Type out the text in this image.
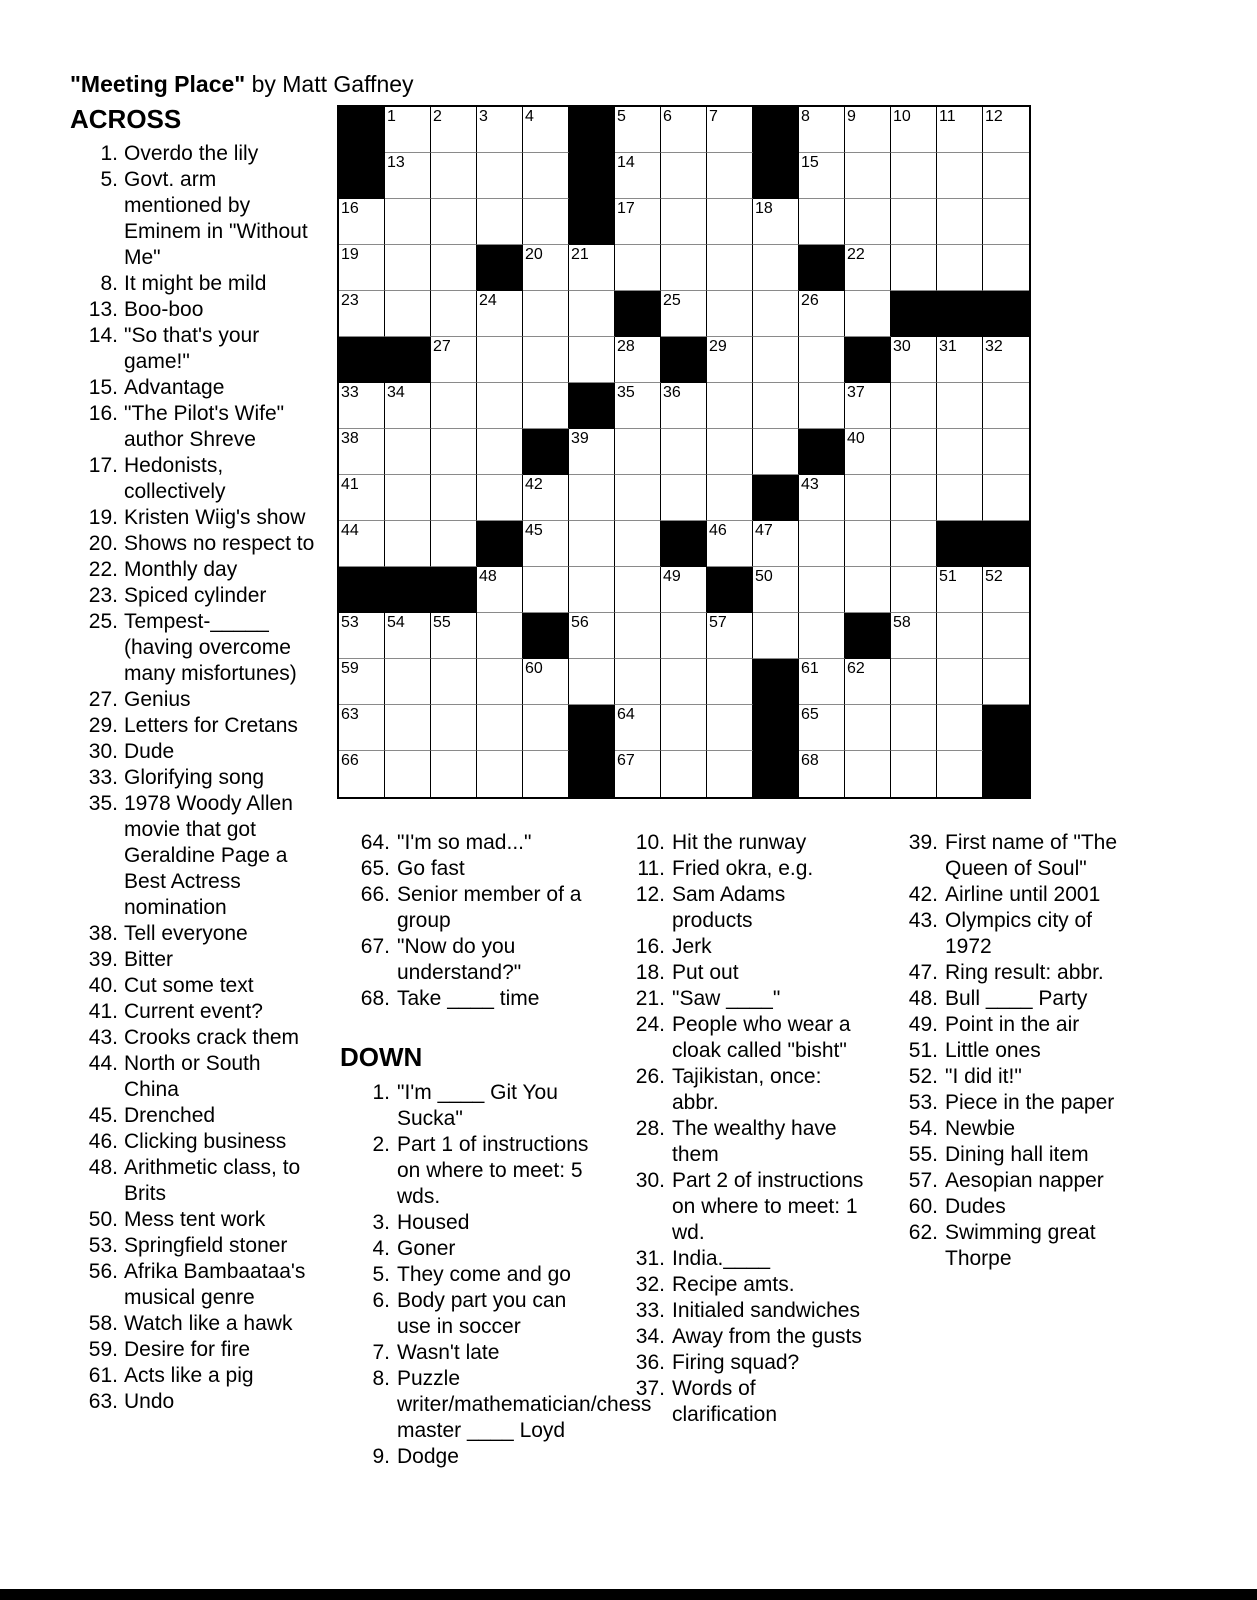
"Meeting Place" by Matt Gaffney
ACROSS
1. Overdo the lily
5. Govt. arm mentioned by Eminem in "Without Me"
8. It might be mild
13. Boo-boo
14. "So that's your game!"
15. Advantage
16. "The Pilot's Wife" author Shreve
17. Hedonists, collectively
19. Kristen Wiig's show
20. Shows no respect to
22. Monthly day
23. Spiced cylinder
25. Tempest-_____ (having overcome many misfortunes)
27. Genius
29. Letters for Cretans
30. Dude
33. Glorifying song
35. 1978 Woody Allen movie that got Geraldine Page a Best Actress nomination
38. Tell everyone
39. Bitter
40. Cut some text
41. Current event?
43. Crooks crack them
44. North or South China
45. Drenched
46. Clicking business
48. Arithmetic class, to Brits
50. Mess tent work
53. Springfield stoner
56. Afrika Bambaataa's musical genre
58. Watch like a hawk
59. Desire for fire
61. Acts like a pig
63. Undo
1 2 3 4	5 6 7	8 9 10 11 12
13	14	15
16	17	18
19	20 21	22
23	24	25	26
27	28	29	30 31 32
33 34	35 36	37
38	39	40
41	42	43
44	45	46 47
48	49	50	51 52
53 54 55	56	57	58
59	60	61 62
63	64	65
66	67	68
64. "I'm so mad..."
65. Go fast
66. Senior member of a group
67. "Now do you understand?"
68. Take ____ time
DOWN
1. "I'm ____ Git You Sucka"
2. Part 1 of instructions on where to meet: 5 wds.
3. Housed
4. Goner
5. They come and go
6. Body part you can use in soccer
7. Wasn't late
8. Puzzle writer/mathematician/chess master ____ Loyd
9. Dodge
10. Hit the runway
11. Fried okra, e.g.
12. Sam Adams products
16. Jerk
18. Put out
21. "Saw ____"
24. People who wear a cloak called "bisht"
26. Tajikistan, once: abbr.
28. The wealthy have them
30. Part 2 of instructions on where to meet: 1 wd.
31. India.____
32. Recipe amts.
33. Initialed sandwiches
34. Away from the gusts
36. Firing squad?
37. Words of clarification
39. First name of "The Queen of Soul"
42. Airline until 2001
43. Olympics city of 1972
47. Ring result: abbr.
48. Bull ____ Party
49. Point in the air
51. Little ones
52. "I did it!"
53. Piece in the paper
54. Newbie
55. Dining hall item
57. Aesopian napper
60. Dudes
62. Swimming great Thorpe
